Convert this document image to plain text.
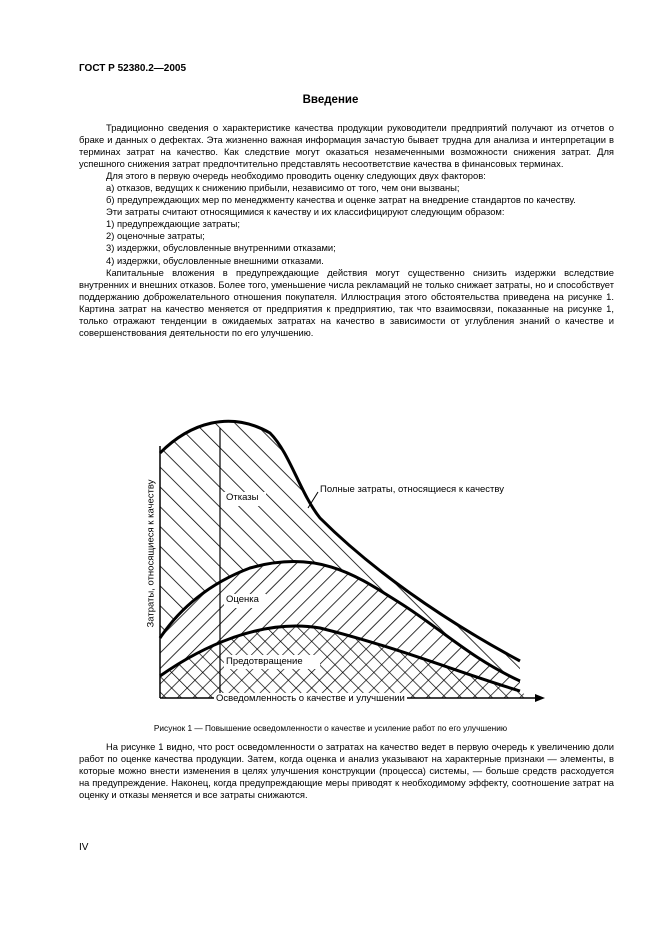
ГОСТ Р 52380.2—2005
Введение

Традиционно сведения о характеристике качества продукции руководители предприятий получают из отчетов о браке и данных о дефектах. Эта жизненно важная информация зачастую бывает трудна для анализа и интерпретации в терминах затрат на качество. Как следствие могут оказаться незамеченными возможности снижения затрат. Для успешного снижения затрат предпочтительно представлять несоответствие качества в финансовых терминах.

Для этого в первую очередь необходимо проводить оценку следующих двух факторов:

а) отказов, ведущих к снижению прибыли, независимо от того, чем они вызваны;

б) предупреждающих мер по менеджменту качества и оценке затрат на внедрение стандартов по качеству.

Эти затраты считают относящимися к качеству и их классифицируют следующим образом:

1) предупреждающие затраты;

2) оценочные затраты;

3) издержки, обусловленные внутренними отказами;

4) издержки, обусловленные внешними отказами.

Капитальные вложения в предупреждающие действия могут существенно снизить издержки вследствие внутренних и внешних отказов. Более того, уменьшение числа рекламаций не только снижает затраты, но и способствует поддержанию доброжелательного отношения покупателя. Иллюстрация этого обстоятельства приведена на рисунке 1. Картина затрат на качество меняется от предприятия к предприятию, так что взаимосвязи, показанные на рисунке 1, только отражают тенденции в ожидаемых затратах на качество в зависимости от углубления знаний о качестве и совершенствования деятельности по его улучшению.

Затраты, относящиеся к качеству	Отказы
Полные затраты, относящиеся к качеству
Оценка
Предотвращение
Осведомленность о качестве и улучшении
Рисунок 1 — Повышение осведомленности о качестве и усиление работ по его улучшению

На рисунке 1 видно, что рост осведомленности о затратах на качество ведет в первую очередь к увеличению доли работ по оценке качества продукции. Затем, когда оценка и анализ указывают на характерные признаки — элементы, в которые можно внести изменения в целях улучшения конструкции (процесса) системы, — больше средств расходуется на предупреждение. Наконец, когда предупреждающие меры приводят к необходимому эффекту, соотношение затрат на оценку и отказы меняется и все затраты снижаются.

IV
